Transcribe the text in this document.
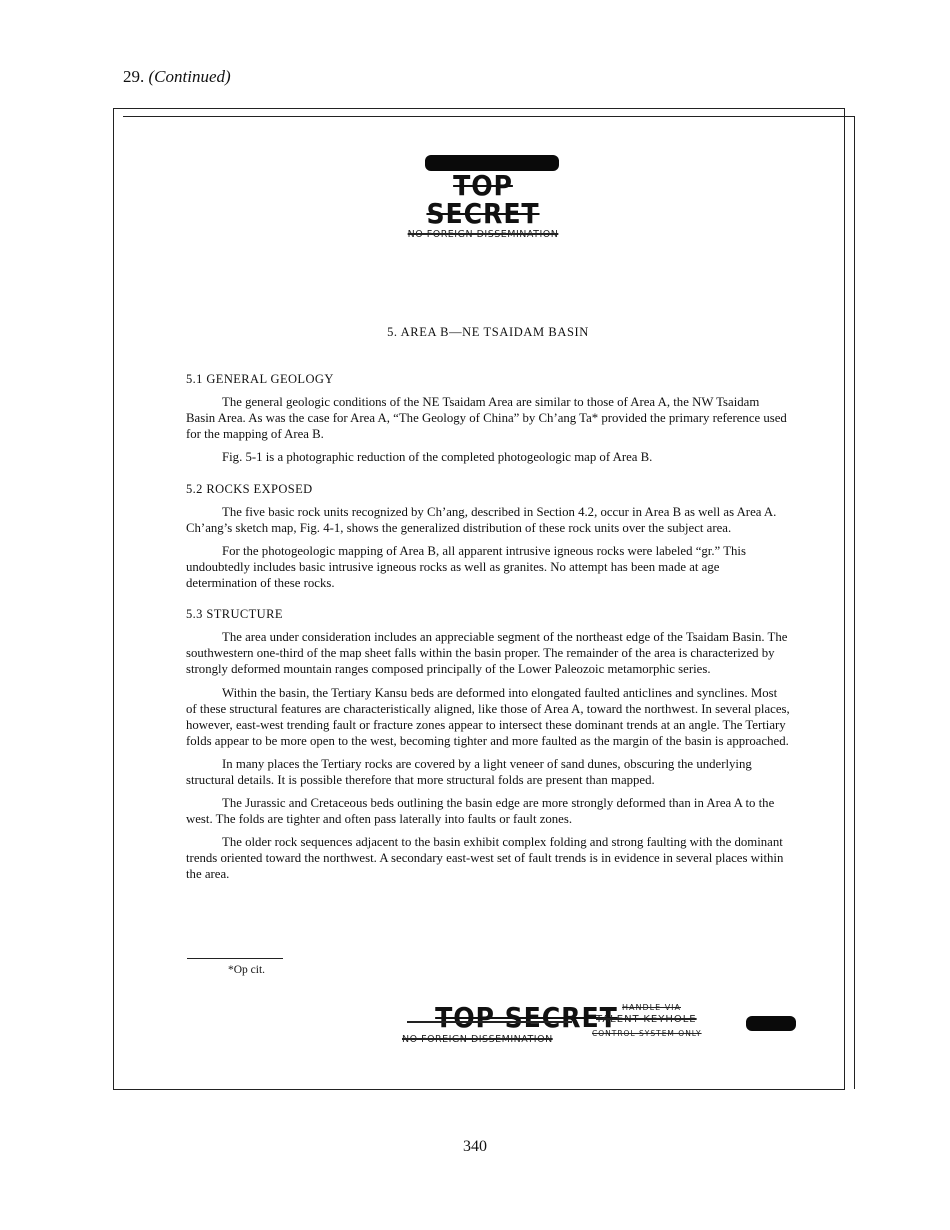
29. (Continued)
TOP SECRET
NO FOREIGN DISSEMINATION
5. AREA B—NE TSAIDAM BASIN
5.1 GENERAL GEOLOGY

The general geologic conditions of the NE Tsaidam Area are similar to those of Area A, the NW Tsaidam Basin Area. As was the case for Area A, “The Geology of China” by Ch’ang Ta* provided the primary reference used for the mapping of Area B.

Fig. 5-1 is a photographic reduction of the completed photogeologic map of Area B.

5.2 ROCKS EXPOSED

The five basic rock units recognized by Ch’ang, described in Section 4.2, occur in Area B as well as Area A. Ch’ang’s sketch map, Fig. 4-1, shows the generalized distribution of these rock units over the subject area.

For the photogeologic mapping of Area B, all apparent intrusive igneous rocks were labeled “gr.” This undoubtedly includes basic intrusive igneous rocks as well as granites. No attempt has been made at age determination of these rocks.

5.3 STRUCTURE

The area under consideration includes an appreciable segment of the northeast edge of the Tsaidam Basin. The southwestern one-third of the map sheet falls within the basin proper. The remainder of the area is characterized by strongly deformed mountain ranges composed principally of the Lower Paleozoic metamorphic series.

Within the basin, the Tertiary Kansu beds are deformed into elongated faulted anticlines and synclines. Most of these structural features are characteristically aligned, like those of Area A, toward the northwest. In several places, however, east-west trending fault or fracture zones appear to intersect these dominant trends at an angle. The Tertiary folds appear to be more open to the west, becoming tighter and more faulted as the margin of the basin is approached.

In many places the Tertiary rocks are covered by a light veneer of sand dunes, obscuring the underlying structural details. It is possible therefore that more structural folds are present than mapped.

The Jurassic and Cretaceous beds outlining the basin edge are more strongly deformed than in Area A to the west. The folds are tighter and often pass laterally into faults or fault zones.

The older rock sequences adjacent to the basin exhibit complex folding and strong faulting with the dominant trends oriented toward the northwest. A secondary east-west set of fault trends is in evidence in several places within the area.

*Op cit.
TOP SECRET
NO FOREIGN DISSEMINATION
HANDLE VIA
TALENT-KEYHOLE
CONTROL SYSTEM ONLY
340
